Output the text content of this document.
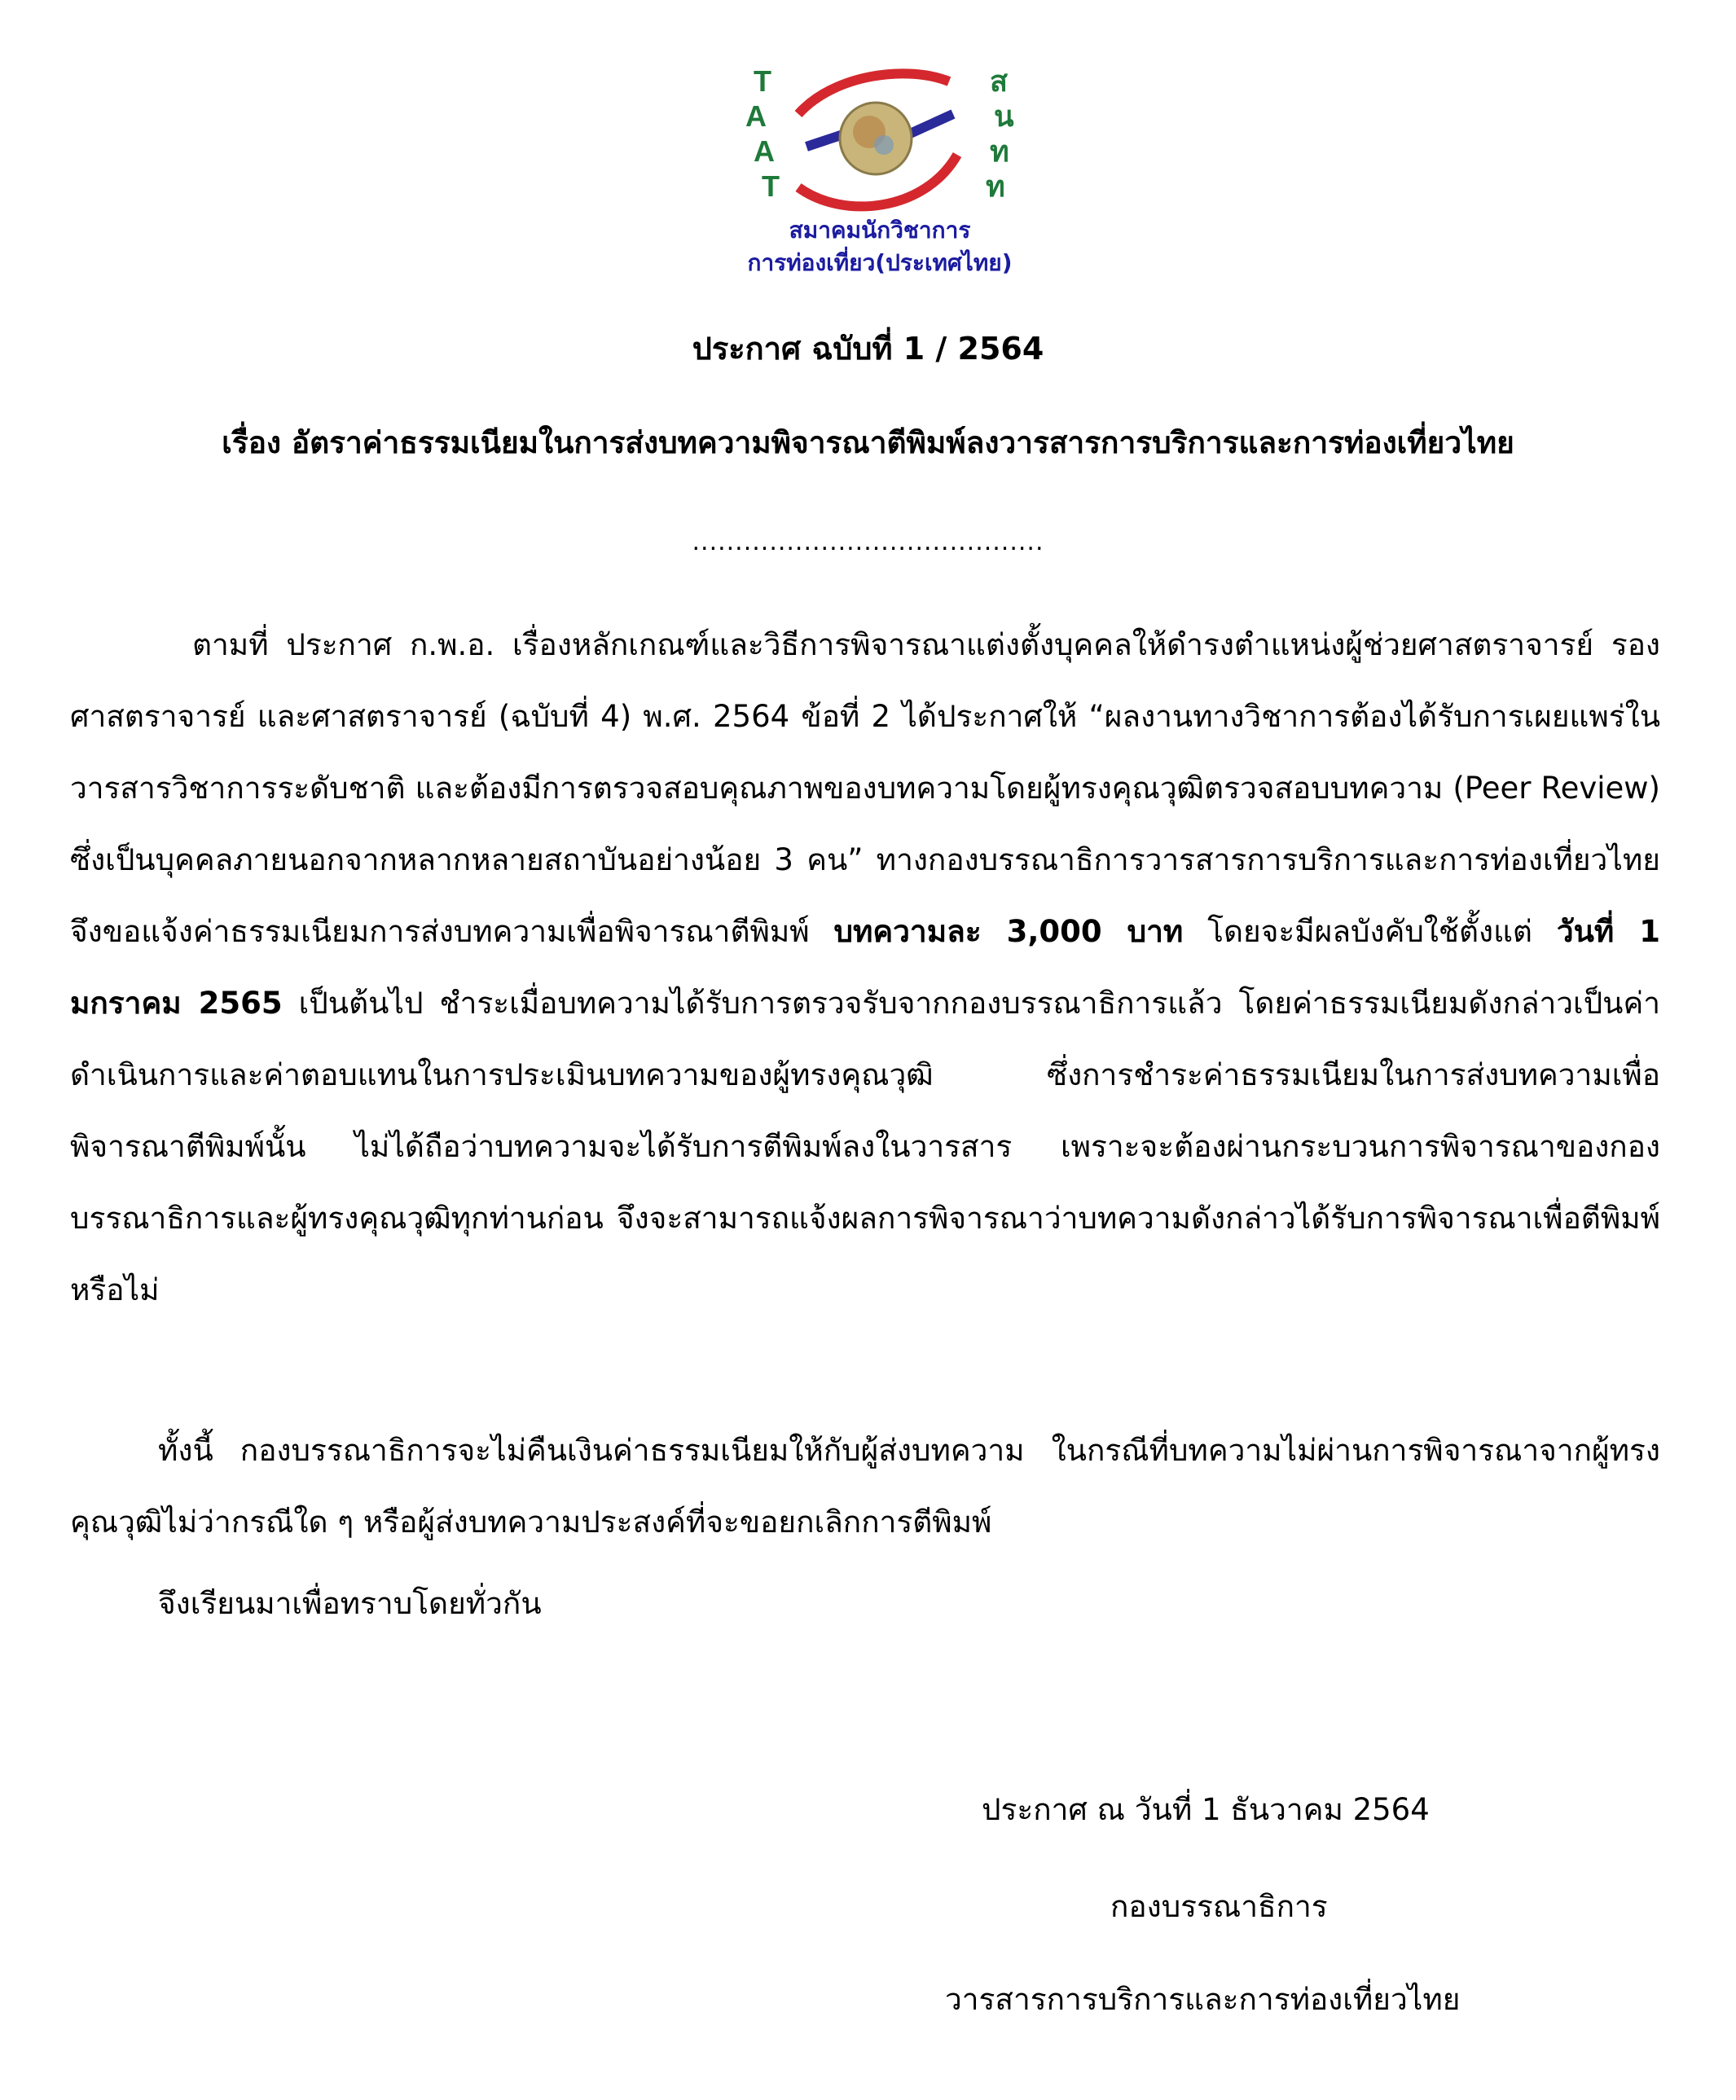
T
A
A
T
ส
น
ท
ท
สมาคมนักวิชาการ
การท่องเที่ยว(ประเทศไทย)
ประกาศ ฉบับที่ 1 / 2564
เรื่อง อัตราค่าธรรมเนียมในการส่งบทความพิจารณาตีพิมพ์ลงวารสารการบริการและการท่องเที่ยวไทย
.........................................
ตามที่ ประกาศ ก.พ.อ. เรื่องหลักเกณฑ์และวิธีการพิจารณาแต่งตั้งบุคคลให้ดำรงตำแหน่งผู้ช่วยศาสตราจารย์ รองศาสตราจารย์ และศาสตราจารย์ (ฉบับที่ 4) พ.ศ. 2564 ข้อที่ 2 ได้ประกาศให้ “ผลงานทางวิชาการต้องได้รับการเผยแพร่ในวารสารวิชาการระดับชาติ และต้องมีการตรวจสอบคุณภาพของบทความโดยผู้ทรงคุณวุฒิตรวจสอบบทความ (Peer Review) ซึ่งเป็นบุคคลภายนอกจากหลากหลายสถาบันอย่างน้อย 3 คน” ทางกองบรรณาธิการวารสารการบริการและการท่องเที่ยวไทย จึงขอแจ้งค่าธรรมเนียมการส่งบทความเพื่อพิจารณาตีพิมพ์ บทความละ 3,000 บาท โดยจะมีผลบังคับใช้ตั้งแต่ วันที่ 1 มกราคม 2565 เป็นต้นไป ชำระเมื่อบทความได้รับการตรวจรับจากกองบรรณาธิการแล้ว โดยค่าธรรมเนียมดังกล่าวเป็นค่าดำเนินการและค่าตอบแทนในการประเมินบทความของผู้ทรงคุณวุฒิ ซึ่งการชำระค่าธรรมเนียมในการส่งบทความเพื่อพิจารณาตีพิมพ์นั้น ไม่ได้ถือว่าบทความจะได้รับการตีพิมพ์ลงในวารสาร เพราะจะต้องผ่านกระบวนการพิจารณาของกองบรรณาธิการและผู้ทรงคุณวุฒิทุกท่านก่อน จึงจะสามารถแจ้งผลการพิจารณาว่าบทความดังกล่าวได้รับการพิจารณาเพื่อตีพิมพ์หรือไม่
ทั้งนี้ กองบรรณาธิการจะไม่คืนเงินค่าธรรมเนียมให้กับผู้ส่งบทความ ในกรณีที่บทความไม่ผ่านการพิจารณาจากผู้ทรงคุณวุฒิไม่ว่ากรณีใด ๆ หรือผู้ส่งบทความประสงค์ที่จะขอยกเลิกการตีพิมพ์
จึงเรียนมาเพื่อทราบโดยทั่วกัน
ประกาศ ณ วันที่ 1 ธันวาคม 2564
กองบรรณาธิการ
วารสารการบริการและการท่องเที่ยวไทย
